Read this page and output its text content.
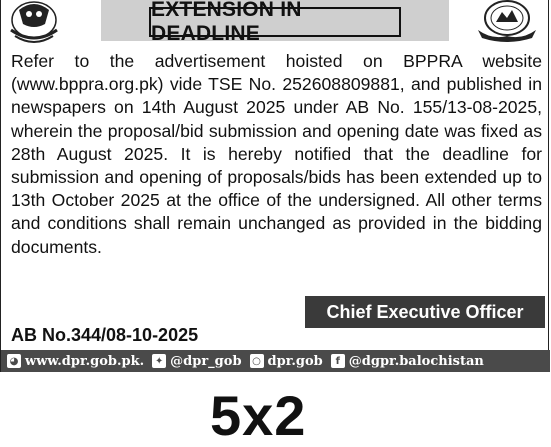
EXTENSION IN DEADLINE
Refer to the advertisement hoisted on BPPRA website (www.bppra.org.pk) vide TSE No. 252608809881, and published in newspapers on 14th August 2025 under AB No. 155/13-08-2025, wherein the proposal/bid submission and opening date was fixed as 28th August 2025. It is hereby notified that the deadline for submission and opening of proposals/bids has been extended up to 13th October 2025 at the office of the undersigned. All other terms and conditions shall remain unchanged as provided in the bidding documents.
Chief Executive Officer
AB No.344/08-10-2025
◕ www.dpr.gob.pk. ✦ @dpr_gob ○ dpr.gob	f @dgpr.balochistan
5x2
